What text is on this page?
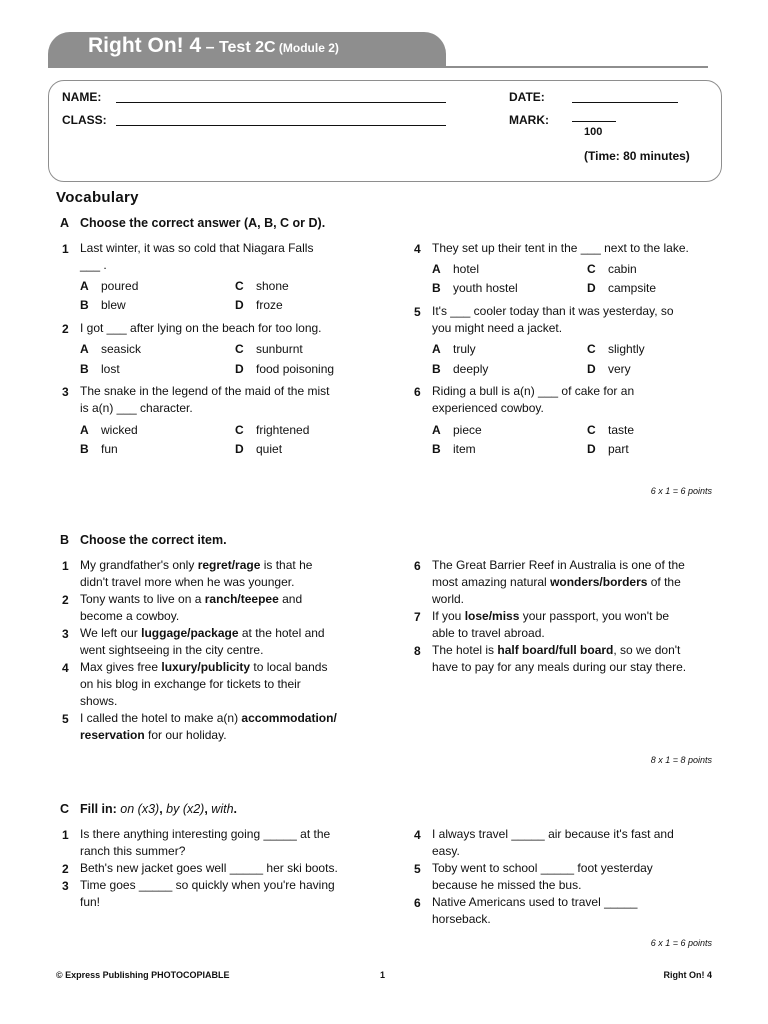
Right On! 4 – Test 2C (Module 2)
NAME:
CLASS:
DATE:
MARK:
100
(Time: 80 minutes)
Vocabulary
A Choose the correct answer (A, B, C or D).
1 Last winter, it was so cold that Niagara Falls
___ .
A poured	C shone
B blew	D froze
2 I got ___ after lying on the beach for too long.
A seasick	C sunburnt
B lost	D food poisoning
3 The snake in the legend of the maid of the mist
is a(n) ___ character.
A wicked	C frightened
B fun	D quiet
4 They set up their tent in the ___ next to the lake.
A hotel	C cabin
B youth hostel	D campsite
5 It's ___ cooler today than it was yesterday, so
you might need a jacket.
A truly	C slightly
B deeply	D very
6 Riding a bull is a(n) ___ of cake for an
experienced cowboy.
A piece	C taste
B item	D part
6 x 1 = 6 points
B Choose the correct item.
1 My grandfather's only regret/rage is that he
didn't travel more when he was younger.
2 Tony wants to live on a ranch/teepee and
become a cowboy.
3 We left our luggage/package at the hotel and
went sightseeing in the city centre.
4 Max gives free luxury/publicity to local bands
on his blog in exchange for tickets to their
shows.
5 I called the hotel to make a(n) accommodation/
reservation for our holiday.
6 The Great Barrier Reef in Australia is one of the
most amazing natural wonders/borders of the
world.
7 If you lose/miss your passport, you won't be
able to travel abroad.
8 The hotel is half board/full board, so we don't
have to pay for any meals during our stay there.
8 x 1 = 8 points
C Fill in: on (x3), by (x2), with.
1 Is there anything interesting going _____ at the
ranch this summer?
2 Beth's new jacket goes well _____ her ski boots.
3 Time goes _____ so quickly when you're having
fun!
4 I always travel _____ air because it's fast and
easy.
5 Toby went to school _____ foot yesterday
because he missed the bus.
6 Native Americans used to travel _____
horseback.
6 x 1 = 6 points
© Express Publishing PHOTOCOPIABLE	1	Right On! 4
